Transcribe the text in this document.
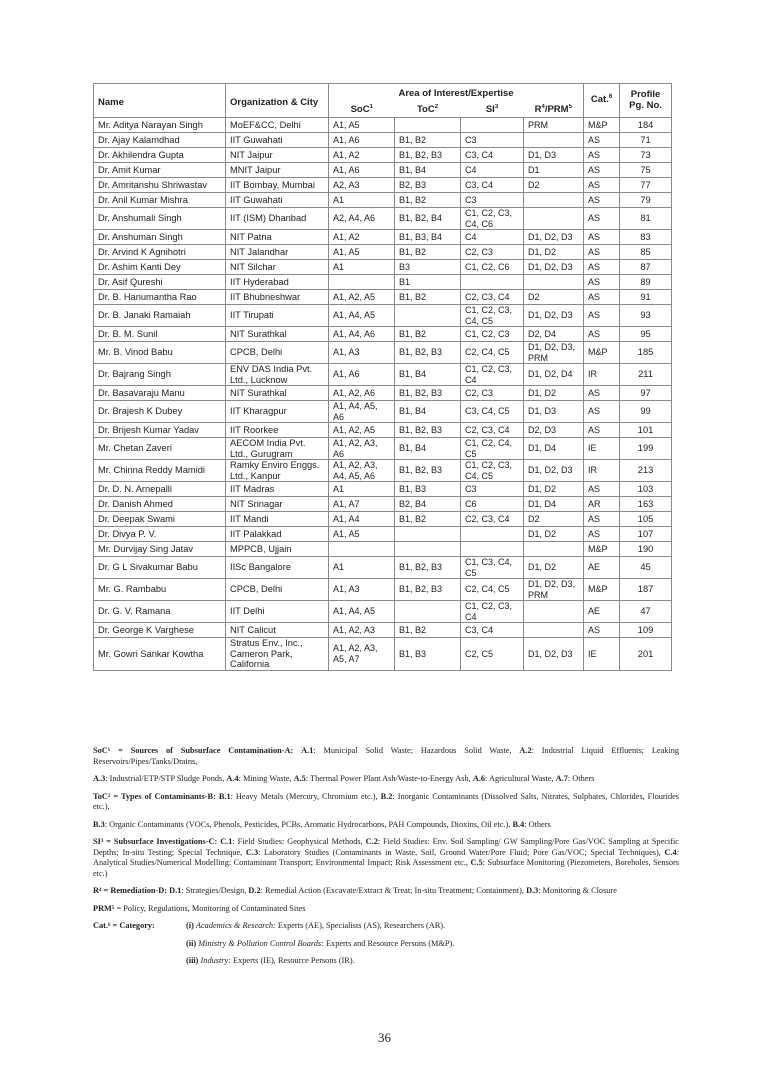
Name	Organization & City	Area of Interest/Expertise				Cat.$^6$	Profile Pg. No.
		SoC$^1$	ToC$^2$	$SI^3$	$R^4/PRM^5$
Mr. Aditya Narayan Singh	MoEF&CC, Delhi	A1, A5			PRM	M&P	184
Dr. Ajay Kalamdhad	IIT Guwahati	A1, A6	B1, B2	C3		AS	71
Dr. Akhilendra Gupta	NIT Jaipur	A1, A2	B1, B2, B3	C3, C4	D1, D3	AS	73
Dr. Amit Kumar	MNIT Jaipur	A1, A6	B1, B4	C4	D1	AS	75
Dr. Amritanshu Shriwastav	IIT Bombay, Mumbai	A2, A3	B2, B3	C3, C4	D2	AS	77
Dr. Anil Kumar Mishra	IIT Guwahati	A1	B1, B2	C3		AS	79
Dr. Anshumali Singh	IIT (ISM) Dhanbad	A2, A4, A6	B1, B2, B4	C1, C2, C3, C4, C6		AS	81
Dr. Anshuman Singh	NIT Patna	A1, A2	B1, B3, B4	C4	D1, D2, D3	AS	83
Dr. Arvind K Agnihotri	NIT Jalandhar	A1, A5	B1, B2	C2, C3	D1, D2	AS	85
Dr. Ashim Kanti Dey	NIT Silchar	A1	B3	C1, C2, C6	D1, D2, D3	AS	87
Dr. Asif Qureshi	IIT Hyderabad		B1			AS	89
Dr. B. Hanumantha Rao	IIT Bhubneshwar	A1, A2, A5	B1, B2	C2, C3, C4	D2	AS	91
Dr. B. Janaki Ramaiah	IIT Tirupati	A1, A4, A5		C1, C2, C3, C4, C5	D1, D2, D3	AS	93
Dr. B. M. Sunil	NIT Surathkal	A1, A4, A6	B1, B2	C1, C2, C3	D2, D4	AS	95
Mr. B. Vinod Babu	CPCB, Delhi	A1, A3	B1, B2, B3	C2, C4, C5	D1, D2, D3, PRM	M&P	185
Dr. Bajrang Singh	ENV DAS India Pvt. Ltd., Lucknow	A1, A6	B1, B4	C1, C2, C3, C4	D1, D2, D4	IR	211
Dr. Basavaraju Manu	NIT Surathkal	A1, A2, A6	B1, B2, B3	C2, C3	D1, D2	AS	97
Dr. Brajesh K Dubey	IIT Kharagpur	A1, A4, A5, A6	B1, B4	C3, C4, C5	D1, D3	AS	99
Dr. Brijesh Kumar Yadav	IIT Roorkee	A1, A2, A5	B1, B2, B3	C2, C3, C4	D2, D3	AS	101
Mr. Chetan Zaveri	AECOM India Pvt. Ltd., Gurugram	A1, A2, A3, A6	B1, B4	C1, C2, C4, C5	D1, D4	IE	199
Mr. Chinna Reddy Mamidi	Ramky Enviro Enggs. Ltd., Kanpur	A1, A2, A3, A4, A5, A6	B1, B2, B3	C1, C2, C3, C4, C5	D1, D2, D3	IR	213
Dr. D. N. Arnepalli	IIT Madras	A1	B1, B3	C3	D1, D2	AS	103
Dr. Danish Ahmed	NIT Srinagar	A1, A7	B2, B4	C6	D1, D4	AR	163
Dr. Deepak Swami	IIT Mandi	A1, A4	B1, B2	C2, C3, C4	D2	AS	105
Dr. Divya P. V.	IIT Palakkad	A1, A5			D1, D2	AS	107
Mr. Durvijay Sing Jatav	MPPCB, Ujjain					M&P	190
Dr. G L Sivakumar Babu	IISc Bangalore	A1	B1, B2, B3	C1, C3, C4, C5	D1, D2	AE	45
Mr. G. Rambabu	CPCB, Delhi	A1, A3	B1, B2, B3	C2, C4, C5	D1, D2, D3, PRM	M&P	187
Dr. G. V. Ramana	IIT Delhi	A1, A4, A5		C1, C2, C3, C4		AE	47
Dr. George K Varghese	NIT Calicut	A1, A2, A3	B1, B2	C3, C4		AS	109
Mr. Gowri Sankar Kowtha	Stratus Env., Inc., Cameron Park, California	A1, A2, A3, A5, A7	B1, B3	C2, C5	D1, D2, D3	IE	201

SoC¹ = Sources of Subsurface Contamination-A: A.1: Municipal Solid Waste; Hazardous Solid Waste, A.2: Industrial Liquid Effluents; Leaking Reservoirs/Pipes/Tanks/Drains,

A.3: Industrial/ETP/STP Sludge Ponds, A.4: Mining Waste, A.5: Thermal Power Plant Ash/Waste-to-Energy Ash, A.6: Agricultural Waste, A.7: Others

ToC² = Types of Contaminants-B: B.1: Heavy Metals (Mercury, Chromium etc.), B.2: Inorganic Contaminants (Dissolved Salts, Nitrates, Sulphates, Chlorides, Flourides etc.),

B.3: Organic Contaminants (VOCs, Phenols, Pesticides, PCBs, Aromatic Hydrocarbons, PAH Compounds, Dioxins, Oil etc.), B.4: Others

SI³ = Subsurface Investigations-C: C.1: Field Studies: Geophysical Methods, C.2: Field Studies: Env. Soil Sampling/ GW Sampling/Pore Gas/VOC Sampling at Specific Depths; In-situ Testing; Special Technique, C.3: Laboratory Studies (Contaminants in Waste, Soil, Ground Water/Pore Fluid; Pore Gas/VOC; Special Techniques), C.4: Analytical Studies/Numerical Modelling: Contaminant Transport; Environmental Impact; Risk Assessment etc., C.5: Subsurface Monitoring (Piezometers, Boreholes, Sensors etc.)

R⁴ = Remediation-D: D.1: Strategies/Design, D.2: Remedial Action (Excavate/Extract & Treat; In-situ Treatment; Containment), D.3: Monitoring & Closure

PRM⁵ = Policy, Regulations, Monitoring of Contaminated Sites

Cat.⁶ = Category:	(i) Academics & Research: Experts (AE), Specialists (AS), Researchers (AR).
(ii) Ministry & Pollution Control Boards: Experts and Resource Persons (M&P).
(iii) Industry: Experts (IE), Resource Persons (IR).
36
